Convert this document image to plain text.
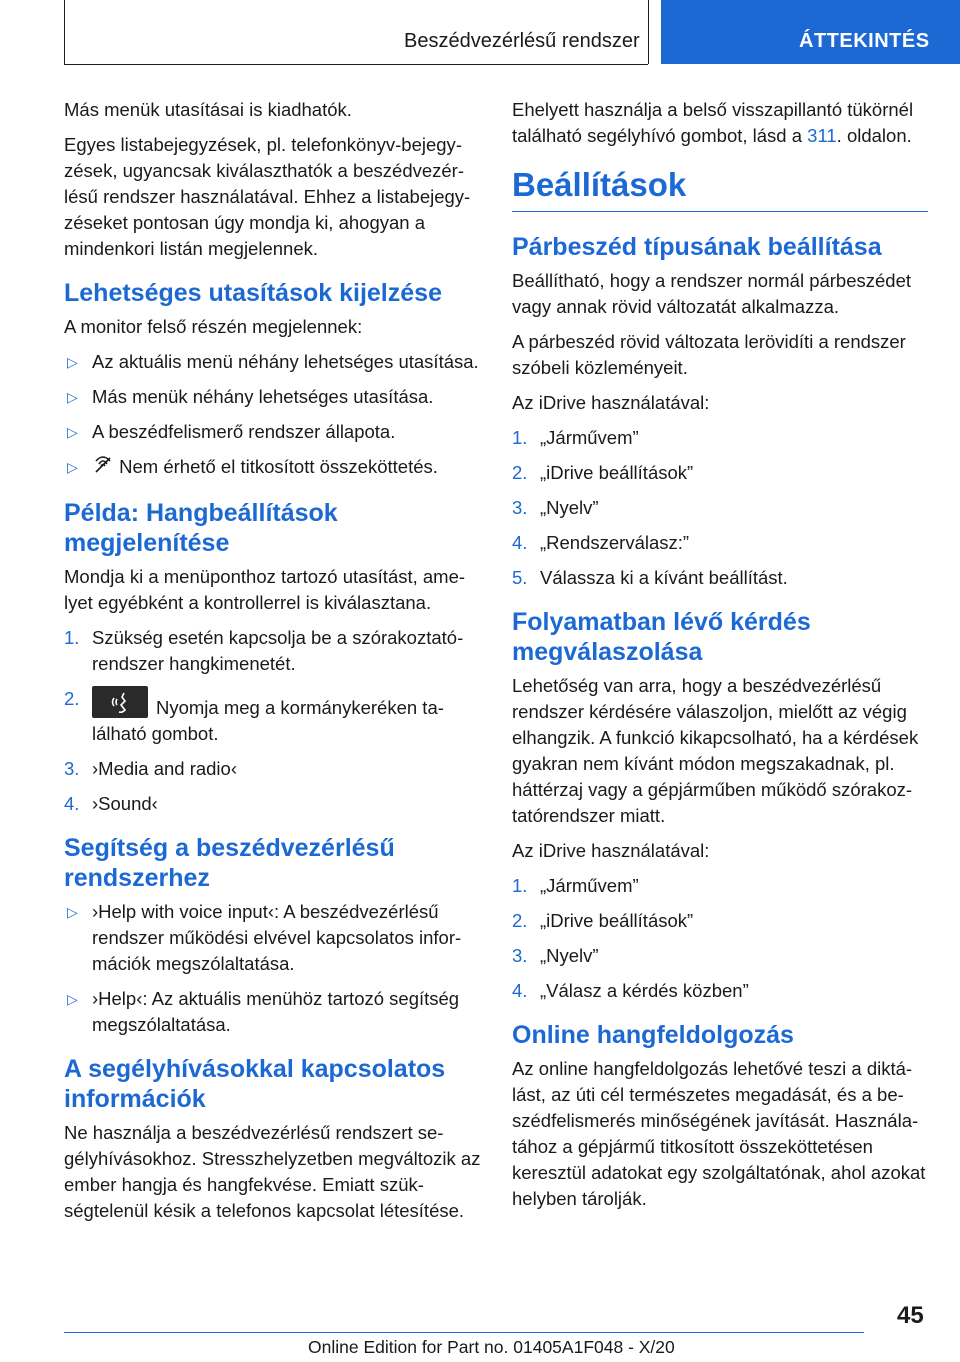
Beszédvezérlésű rendszer	ÁTTEKINTÉS

Más menük utasításai is kiadhatók.

Egyes listabejegyzések, pl. telefonkönyv-bejegyzések, ugyancsak kiválaszthatók a beszédvezérlésű rendszer használatával. Ehhez a listabejegyzéseket pontosan úgy mondja ki, ahogyan a mindenkori listán megjelennek.

Lehetséges utasítások kijelzése

A monitor felső részén megjelennek:

▷ Az aktuális menü néhány lehetséges utasítása.
▷ Más menük néhány lehetséges utasítása.
▷ A beszédfelismerő rendszer állapota.
▷ Nem érhető el titkosított összeköttetés.
Példa: Hangbeállítások megjelenítése

Mondja ki a menüponthoz tartozó utasítást, amelyet egyébként a kontrollerrel is kiválasztana.

1. Szükség esetén kapcsolja be a szórakoztatórendszer hangkimenetét.
2.	Nyomja meg a kormánykeréken található gombot.
3. ›Media and radio‹
4. ›Sound‹
Segítség a beszédvezérlésű rendszerhez
▷ ›Help with voice input‹: A beszédvezérlésű rendszer működési elvével kapcsolatos információk megszólaltatása.
▷ ›Help‹: Az aktuális menühöz tartozó segítség megszólaltatása.
A segélyhívásokkal kapcsolatos információk

Ne használja a beszédvezérlésű rendszert segélyhívásokhoz. Stresszhelyzetben megváltozik az ember hangja és hangfekvése. Emiatt szükségtelenül késik a telefonos kapcsolat létesítése.

Ehelyett használja a belső visszapillantó tükörnél található segélyhívó gombot, lásd a 311. oldalon.

Beállítások
Párbeszéd típusának beállítása

Beállítható, hogy a rendszer normál párbeszédet vagy annak rövid változatát alkalmazza.

A párbeszéd rövid változata lerövidíti a rendszer szóbeli közleményeit.

Az iDrive használatával:

1. „Járművem”
2. „iDrive beállítások”
3. „Nyelv”
4. „Rendszerválasz:”
5. Válassza ki a kívánt beállítást.
Folyamatban lévő kérdés megválaszolása

Lehetőség van arra, hogy a beszédvezérlésű rendszer kérdésére válaszoljon, mielőtt az végig elhangzik. A funkció kikapcsolható, ha a kérdések gyakran nem kívánt módon megszakadnak, pl. háttérzaj vagy a gépjárműben működő szórakoztatórendszer miatt.

Az iDrive használatával:

1. „Járművem”
2. „iDrive beállítások”
3. „Nyelv”
4. „Válasz a kérdés közben”
Online hangfeldolgozás

Az online hangfeldolgozás lehetővé teszi a diktálást, az úti cél természetes megadását, és a beszédfelismerés minőségének javítását. Használatához a gépjármű titkosított összeköttetésen keresztül adatokat egy szolgáltatónak, ahol azokat helyben tárolják.

45
Online Edition for Part no. 01405A1F048 - X/20
